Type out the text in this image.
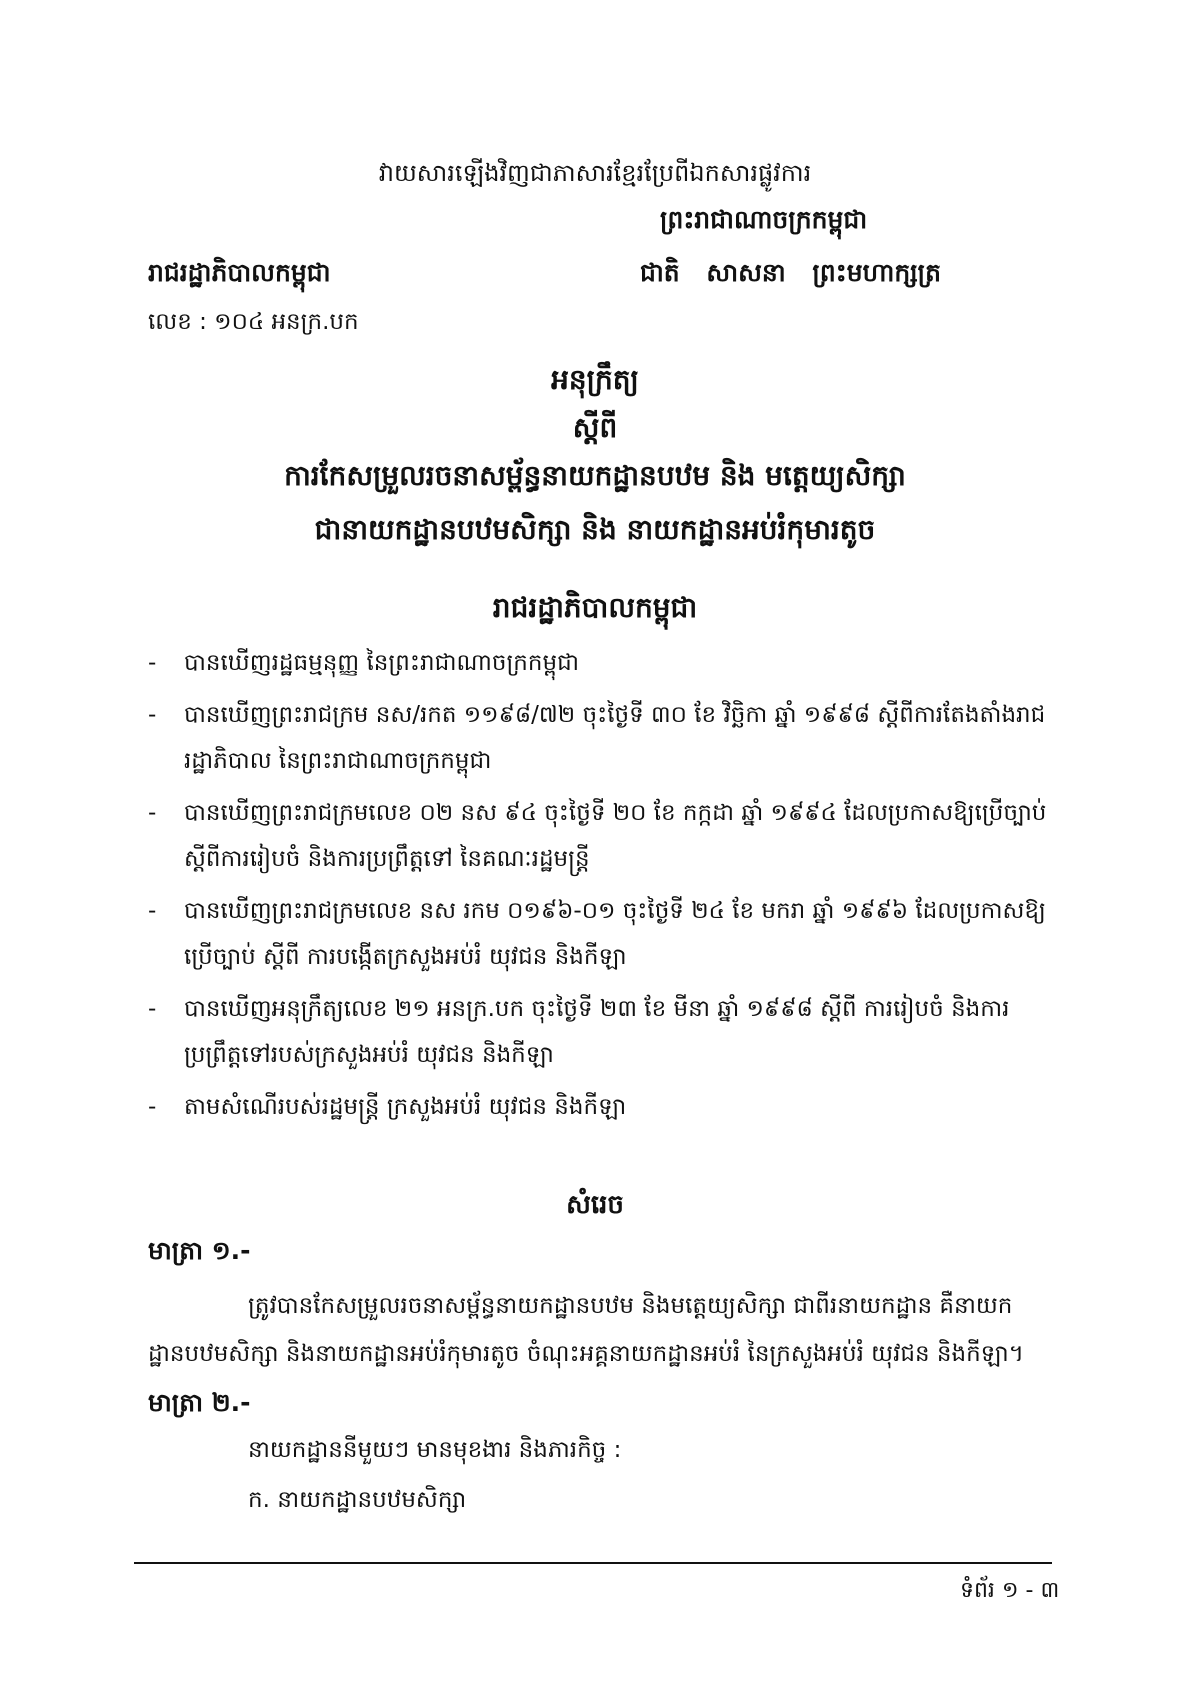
វាយសារឡើងវិញជាភាសារខ្មែរប្រែពីឯកសារផ្លូវការ
ព្រះរាជាណាចក្រកម្ពុជា
រាជរដ្ឋាភិបាលកម្ពុជា	ជាតិ សាសនា ព្រះមហាក្សត្រ
លេខ : ១០៤ អនក្រ.បក
អនុក្រឹត្យ
ស្តីពី
ការកែសម្រួលរចនាសម្ព័ន្ធនាយកដ្ឋានបឋម និង មត្តេយ្យសិក្សា
ជានាយកដ្ឋានបឋមសិក្សា និង នាយកដ្ឋានអប់រំកុមារតូច
រាជរដ្ឋាភិបាលកម្ពុជា
- បានឃើញរដ្ឋធម្មនុញ្ញ នៃព្រះរាជាណាចក្រកម្ពុជា
- បានឃើញព្រះរាជក្រម នស/រកត ១១៩៨/៧២ ចុះថ្ងៃទី ៣០ ខែ វិច្ឆិកា ឆ្នាំ ១៩៩៨ ស្តីពីការតែងតាំងរាជរដ្ឋាភិបាល នៃព្រះរាជាណាចក្រកម្ពុជា
- បានឃើញព្រះរាជក្រមលេខ ០២ នស ៩៤ ចុះថ្ងៃទី ២០ ខែ កក្កដា ឆ្នាំ ១៩៩៤ ដែលប្រកាសឱ្យប្រើច្បាប់ស្តីពីការរៀបចំ និងការប្រព្រឹត្តទៅ នៃគណៈរដ្ឋមន្ត្រី
- បានឃើញព្រះរាជក្រមលេខ នស រកម ០១៩៦-០១ ចុះថ្ងៃទី ២៤ ខែ មករា ឆ្នាំ ១៩៩៦ ដែលប្រកាសឱ្យប្រើច្បាប់ ស្តីពី ការបង្កើតក្រសួងអប់រំ យុវជន និងកីឡា
- បានឃើញអនុក្រឹត្យលេខ ២១ អនក្រ.បក ចុះថ្ងៃទី ២៣ ខែ មីនា ឆ្នាំ ១៩៩៨ ស្តីពី ការរៀបចំ និងការប្រព្រឹត្តទៅរបស់ក្រសួងអប់រំ យុវជន និងកីឡា
- តាមសំណើរបស់រដ្ឋមន្ត្រី ក្រសួងអប់រំ យុវជន និងកីឡា
សំរេច
មាត្រា ១.-
ត្រូវបានកែសម្រួលរចនាសម្ព័ន្ធនាយកដ្ឋានបឋម និងមត្តេយ្យសិក្សា ជាពីរនាយកដ្ឋាន គឺនាយកដ្ឋានបឋមសិក្សា និងនាយកដ្ឋានអប់រំកុមារតូច ចំណុះអគ្គនាយកដ្ឋានអប់រំ នៃក្រសួងអប់រំ យុវជន និងកីឡា។
មាត្រា ២.-
នាយកដ្ឋាននីមួយៗ មានមុខងារ និងភារកិច្ច :
ក. នាយកដ្ឋានបឋមសិក្សា
ទំព័រ ១ - ៣
